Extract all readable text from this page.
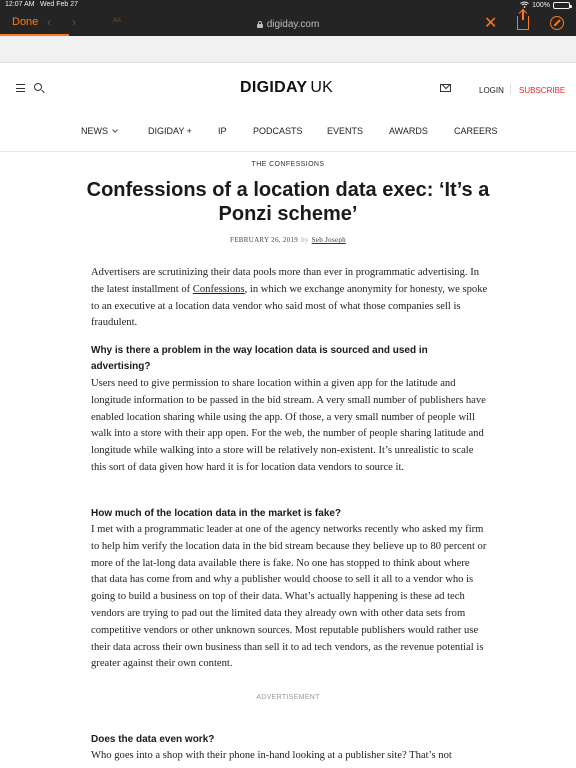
12:07 AM Wed Feb 27	100%
Done ‹ ›	AA	digiday.com	✕
DIGIDAY UK	LOGIN SUBSCRIBE
NEWS	DIGIDAY +	IP	PODCASTS	EVENTS	AWARDS	CAREERS
THE CONFESSIONS
Confessions of a location data exec: ‘It’s a Ponzi scheme’
FEBRUARY 26, 2019 by Seb Joseph

Advertisers are scrutinizing their data pools more than ever in programmatic advertising. In the latest installment of Confessions, in which we exchange anonymity for honesty, we spoke to an executive at a location data vendor who said most of what those companies sell is fraudulent.

Why is there a problem in the way location data is sourced and used in advertising?

Users need to give permission to share location within a given app for the latitude and longitude information to be passed in the bid stream. A very small number of publishers have enabled location sharing while using the app. Of those, a very small number of people will walk into a store with their app open. For the web, the number of people sharing latitude and longitude while walking into a store will be relatively non-existent. It’s unrealistic to scale this sort of data given how hard it is for location data vendors to source it.

How much of the location data in the market is fake?

I met with a programmatic leader at one of the agency networks recently who asked my firm to help him verify the location data in the bid stream because they believe up to 80 percent or more of the lat-long data available there is fake. No one has stopped to think about where that data has come from and why a publisher would choose to sell it all to a vendor who is going to build a business on top of their data. What’s actually happening is these ad tech vendors are trying to pad out the limited data they already own with other data sets from competitive vendors or other unknown sources. Most reputable publishers would rather use their data across their own business than sell it to ad tech vendors, as the revenue potential is greater against their own content.

ADVERTISEMENT
Does the data even work?

Who goes into a shop with their phone in-hand looking at a publisher site? That’s not
